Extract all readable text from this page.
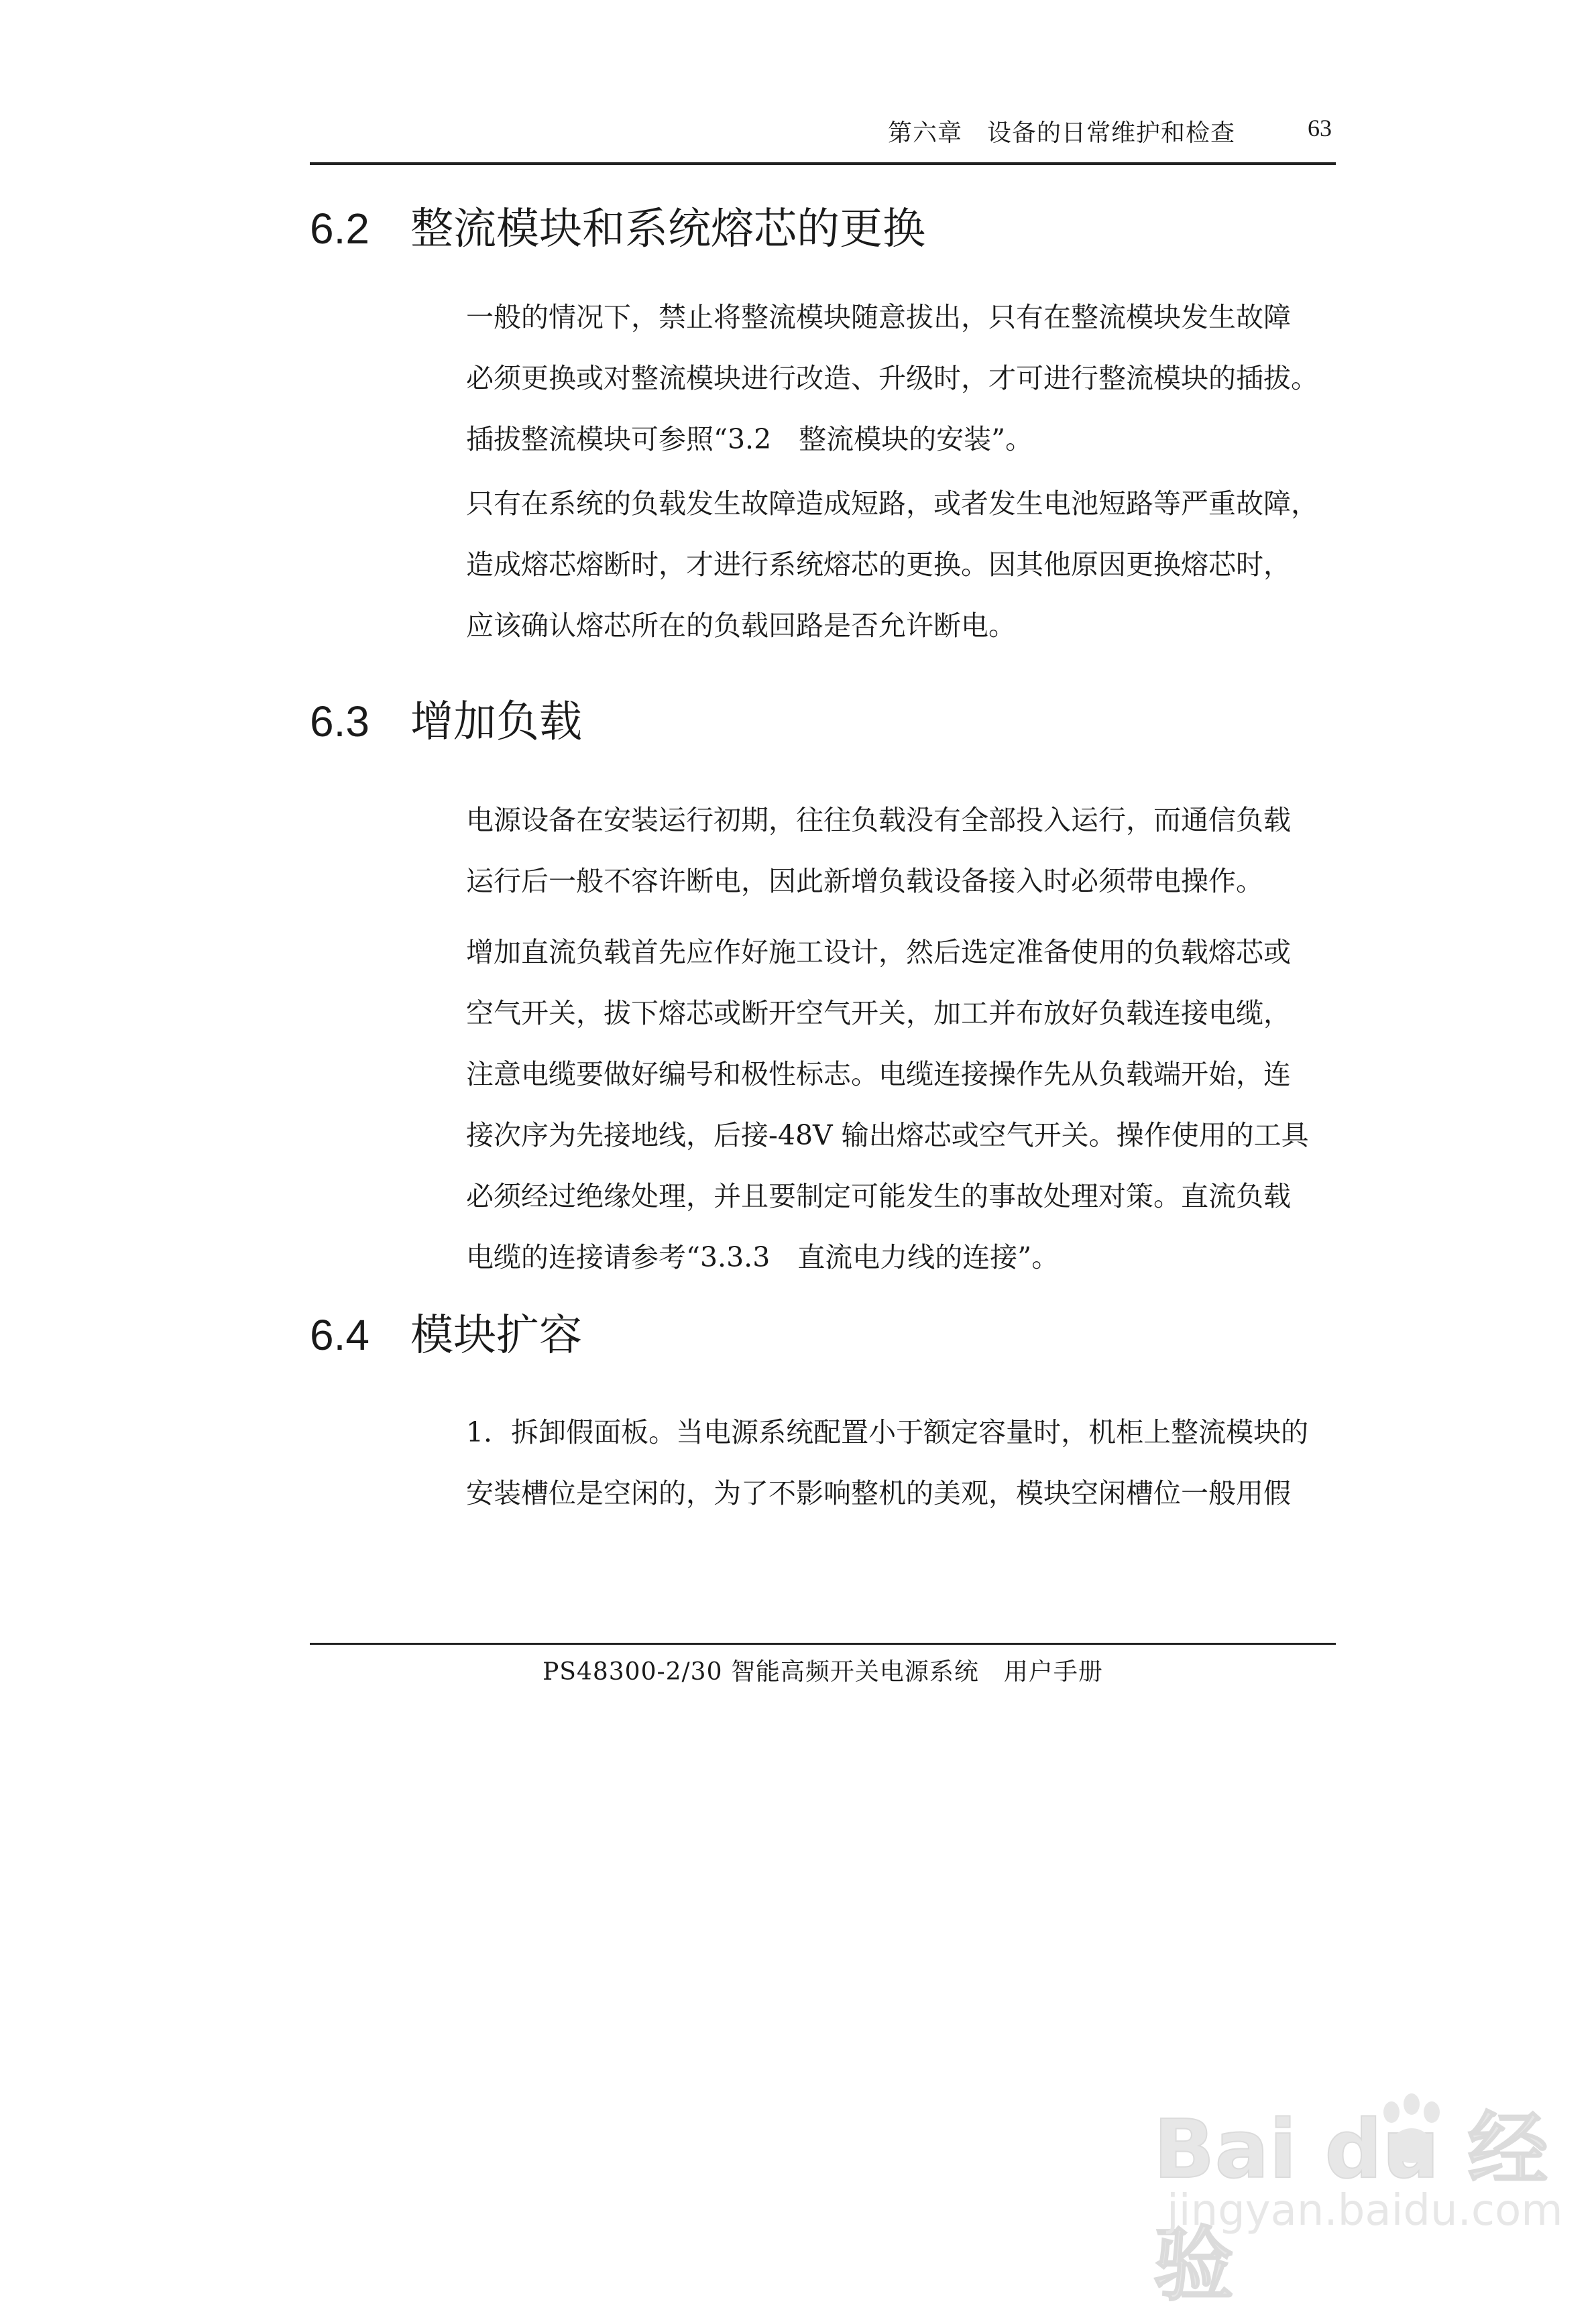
第六章　设备的日常维护和检查	63
6.2 整流模块和系统熔芯的更换

一般的情况下，禁止将整流模块随意拔出，只有在整流模块发生故障
必须更换或对整流模块进行改造、升级时，才可进行整流模块的插拔。
插拔整流模块可参照“3.2　整流模块的安装”。

只有在系统的负载发生故障造成短路，或者发生电池短路等严重故障，
造成熔芯熔断时，才进行系统熔芯的更换。因其他原因更换熔芯时，
应该确认熔芯所在的负载回路是否允许断电。

6.3 增加负载

电源设备在安装运行初期，往往负载没有全部投入运行，而通信负载
运行后一般不容许断电，因此新增负载设备接入时必须带电操作。

增加直流负载首先应作好施工设计，然后选定准备使用的负载熔芯或
空气开关，拔下熔芯或断开空气开关，加工并布放好负载连接电缆，
注意电缆要做好编号和极性标志。电缆连接操作先从负载端开始，连
接次序为先接地线，后接-48V 输出熔芯或空气开关。操作使用的工具
必须经过绝缘处理，并且要制定可能发生的事故处理对策。直流负载
电缆的连接请参考“3.3.3　直流电力线的连接”。

6.4 模块扩容

1．拆卸假面板。当电源系统配置小于额定容量时，机柜上整流模块的
安装槽位是空闲的，为了不影响整机的美观，模块空闲槽位一般用假

PS48300-2/30 智能高频开关电源系统　用户手册
Bai du 经验
jingyan.baidu.com
